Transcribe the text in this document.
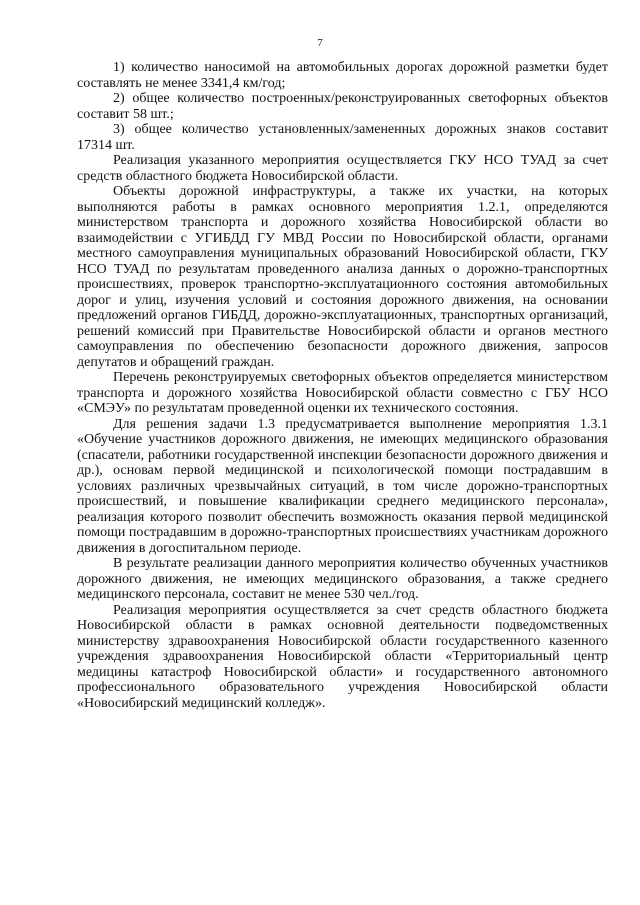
7

1) количество наносимой на автомобильных дорогах дорожной разметки будет составлять не менее 3341,4 км/год;

2) общее количество построенных/реконструированных светофорных объектов составит 58 шт.;

3) общее количество установленных/замененных дорожных знаков составит 17314 шт.

Реализация указанного мероприятия осуществляется ГКУ НСО ТУАД за счет средств областного бюджета Новосибирской области.

Объекты дорожной инфраструктуры, а также их участки, на которых выполняются работы в рамках основного мероприятия 1.2.1, определяются министерством транспорта и дорожного хозяйства Новосибирской области во взаимодействии с УГИБДД ГУ МВД России по Новосибирской области, органами местного самоуправления муниципальных образований Новосибирской области, ГКУ НСО ТУАД по результатам проведенного анализа данных о дорожно-транспортных происшествиях, проверок транспортно-эксплуатационного состояния автомобильных дорог и улиц, изучения условий и состояния дорожного движения, на основании предложений органов ГИБДД, дорожно-эксплуатационных, транспортных организаций, решений комиссий при Правительстве Новосибирской области и органов местного самоуправления по обеспечению безопасности дорожного движения, запросов депутатов и обращений граждан.

Перечень реконструируемых светофорных объектов определяется министерством транспорта и дорожного хозяйства Новосибирской области совместно с ГБУ НСО «СМЭУ» по результатам проведенной оценки их технического состояния.

Для решения задачи 1.3 предусматривается выполнение мероприятия 1.3.1 «Обучение участников дорожного движения, не имеющих медицинского образования (спасатели, работники государственной инспекции безопасности дорожного движения и др.), основам первой медицинской и психологической помощи пострадавшим в условиях различных чрезвычайных ситуаций, в том числе дорожно-транспортных происшествий, и повышение квалификации среднего медицинского персонала», реализация которого позволит обеспечить возможность оказания первой медицинской помощи пострадавшим в дорожно-транспортных происшествиях участникам дорожного движения в догоспитальном периоде.

В результате реализации данного мероприятия количество обученных участников дорожного движения, не имеющих медицинского образования, а также среднего медицинского персонала, составит не менее 530 чел./год.

Реализация мероприятия осуществляется за счет средств областного бюджета Новосибирской области в рамках основной деятельности подведомственных министерству здравоохранения Новосибирской области государственного казенного учреждения здравоохранения Новосибирской области «Территориальный центр медицины катастроф Новосибирской области» и государственного автономного профессионального образовательного учреждения Новосибирской области «Новосибирский медицинский колледж».
